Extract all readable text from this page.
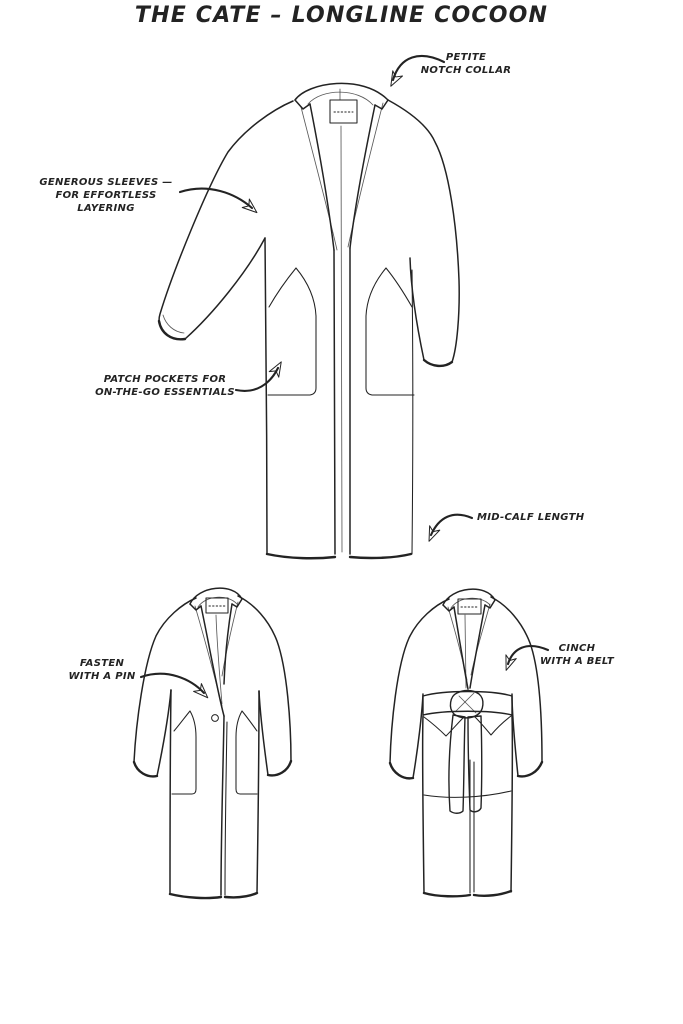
THE CATE – LONGLINE COCOON
PETITE
NOTCH COLLAR
GENEROUS SLEEVES —
FOR EFFORTLESS LAYERING
PATCH POCKETS FOR
ON-THE-GO ESSENTIALS
MID-CALF LENGTH
FASTEN
WITH A PIN
CINCH
WITH A BELT
